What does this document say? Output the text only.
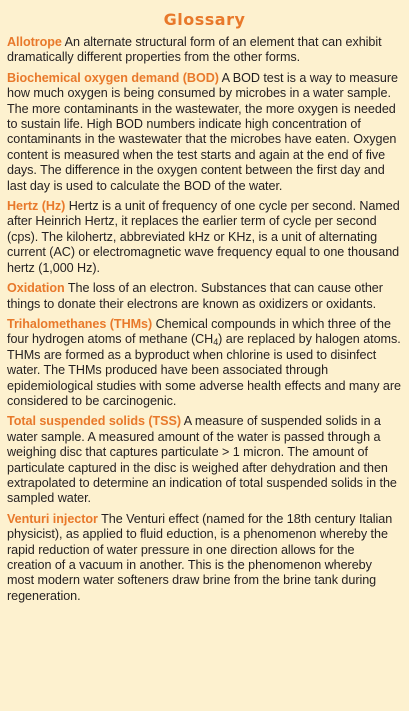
Glossary

Allotrope An alternate structural form of an element that can exhibit dramatically different properties from the other forms.

Biochemical oxygen demand (BOD) A BOD test is a way to measure how much oxygen is being consumed by microbes in a water sample. The more contaminants in the wastewater, the more oxygen is needed to sustain life. High BOD numbers indicate high concentration of contaminants in the wastewater that the microbes have eaten. Oxygen content is measured when the test starts and again at the end of five days. The difference in the oxygen content between the first day and last day is used to calculate the BOD of the water.

Hertz (Hz) Hertz is a unit of frequency of one cycle per second. Named after Heinrich Hertz, it replaces the earlier term of cycle per second (cps). The kilohertz, abbreviated kHz or KHz, is a unit of alternating current (AC) or electromagnetic wave frequency equal to one thousand hertz (1,000 Hz).

Oxidation The loss of an electron. Substances that can cause other things to donate their electrons are known as oxidizers or oxidants.

Trihalomethanes (THMs) Chemical compounds in which three of the four hydrogen atoms of methane $(CH_4)$ are replaced by halogen atoms. THMs are formed as a byproduct when chlorine is used to disinfect water. The THMs produced have been associated through epidemiological studies with some adverse health effects and many are considered to be carcinogenic.

Total suspended solids (TSS) A measure of suspended solids in a water sample. A measured amount of the water is passed through a weighing disc that captures particulate > 1 micron. The amount of particulate captured in the disc is weighed after dehydration and then extrapolated to determine an indication of total suspended solids in the sampled water.

Venturi injector The Venturi effect (named for the 18th century Italian physicist), as applied to fluid eduction, is a phenomenon whereby the rapid reduction of water pressure in one direction allows for the creation of a vacuum in another. This is the phenomenon whereby most modern water softeners draw brine from the brine tank during regeneration.
